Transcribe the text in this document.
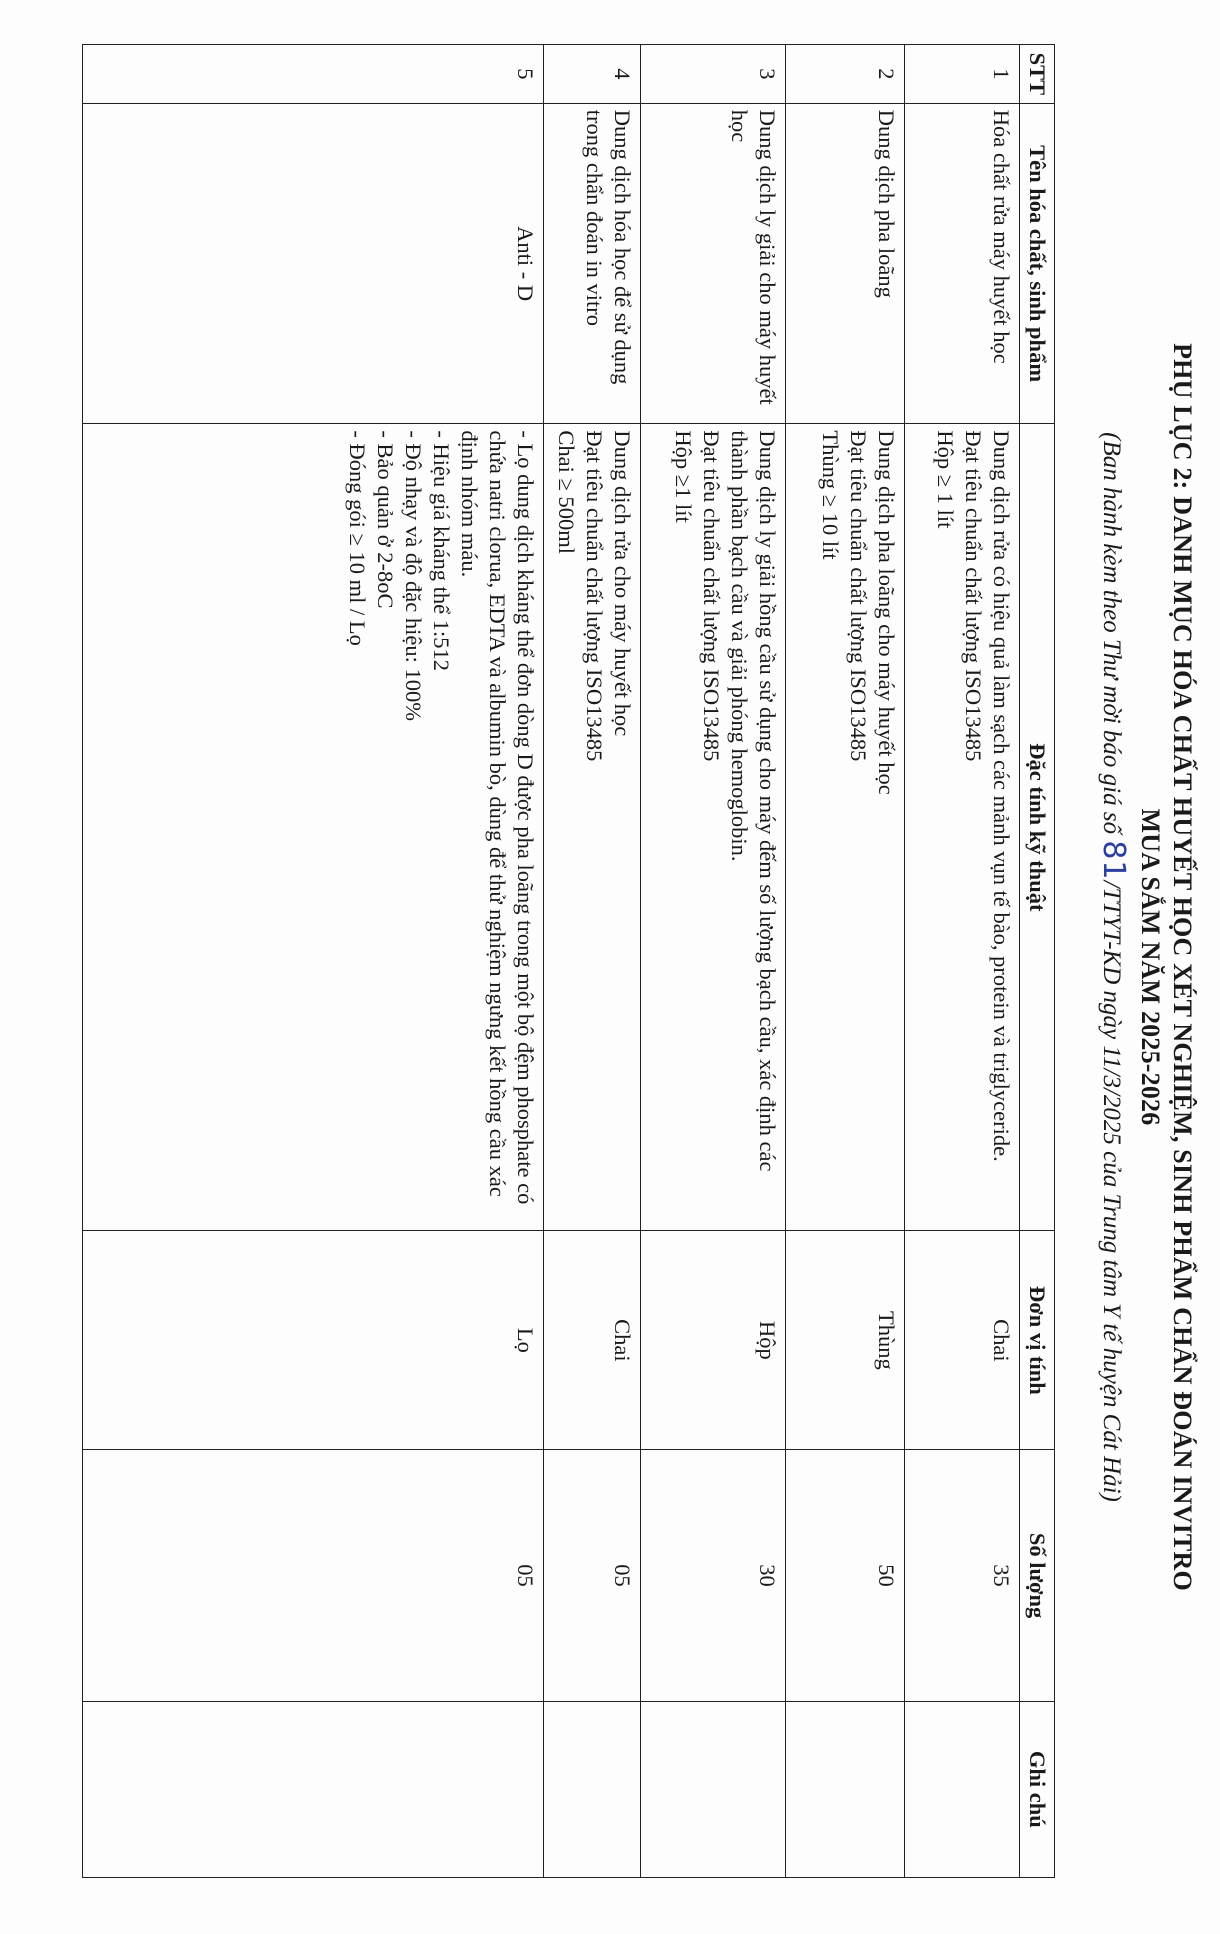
PHỤ LỤC 2: DANH MỤC HÓA CHẤT HUYẾT HỌC XÉT NGHIỆM, SINH PHẨM CHẨN ĐOÁN INVITRO
MUA SẮM NĂM 2025-2026
(Ban hành kèm theo Thư mời báo giá số 81/TTYT-KD ngày 11/3/2025 của Trung tâm Y tế huyện Cát Hải)
STT	Tên hóa chất, sinh phẩm	Đặc tính kỹ thuật	Đơn vị tính	Số lượng	Ghi chú
1	Hóa chất rửa máy huyết học	Dung dịch rửa có hiệu quả làm sạch các mảnh vụn tế bào, protein và triglyceride.
Đạt tiêu chuẩn chất lượng ISO13485
Hộp ≥ 1 lít	Chai	35	
2	Dung dịch pha loãng	Dung dịch pha loãng cho máy huyết học
Đạt tiêu chuẩn chất lượng ISO13485
Thùng ≥ 10 lít	Thùng	50	
3	Dung dịch ly giải cho máy huyết học	Dung dịch ly giải hồng cầu sử dụng cho máy đếm số lượng bạch cầu, xác định các thành phần bạch cầu và giải phóng hemoglobin.
Đạt tiêu chuẩn chất lượng ISO13485
Hộp ≥1 lít	Hộp	30	
4	Dung dịch hóa học để sử dụng trong chẩn đoán in vitro	Dung dịch rửa cho máy huyết học
Đạt tiêu chuẩn chất lượng ISO13485
Chai ≥ 500ml	Chai	05	
5	Anti - D	- Lọ dung dịch kháng thể đơn dòng D được pha loãng trong một bộ đệm phosphate có chứa natri clorua, EDTA và albumin bò, dùng để thử nghiệm ngưng kết hồng cầu xác định nhóm máu.
- Hiệu giá kháng thể 1:512
- Độ nhạy và độ đặc hiệu: 100%
- Bảo quản ở 2-8oC
- Đóng gói ≥ 10 ml / Lọ	Lọ	05	
